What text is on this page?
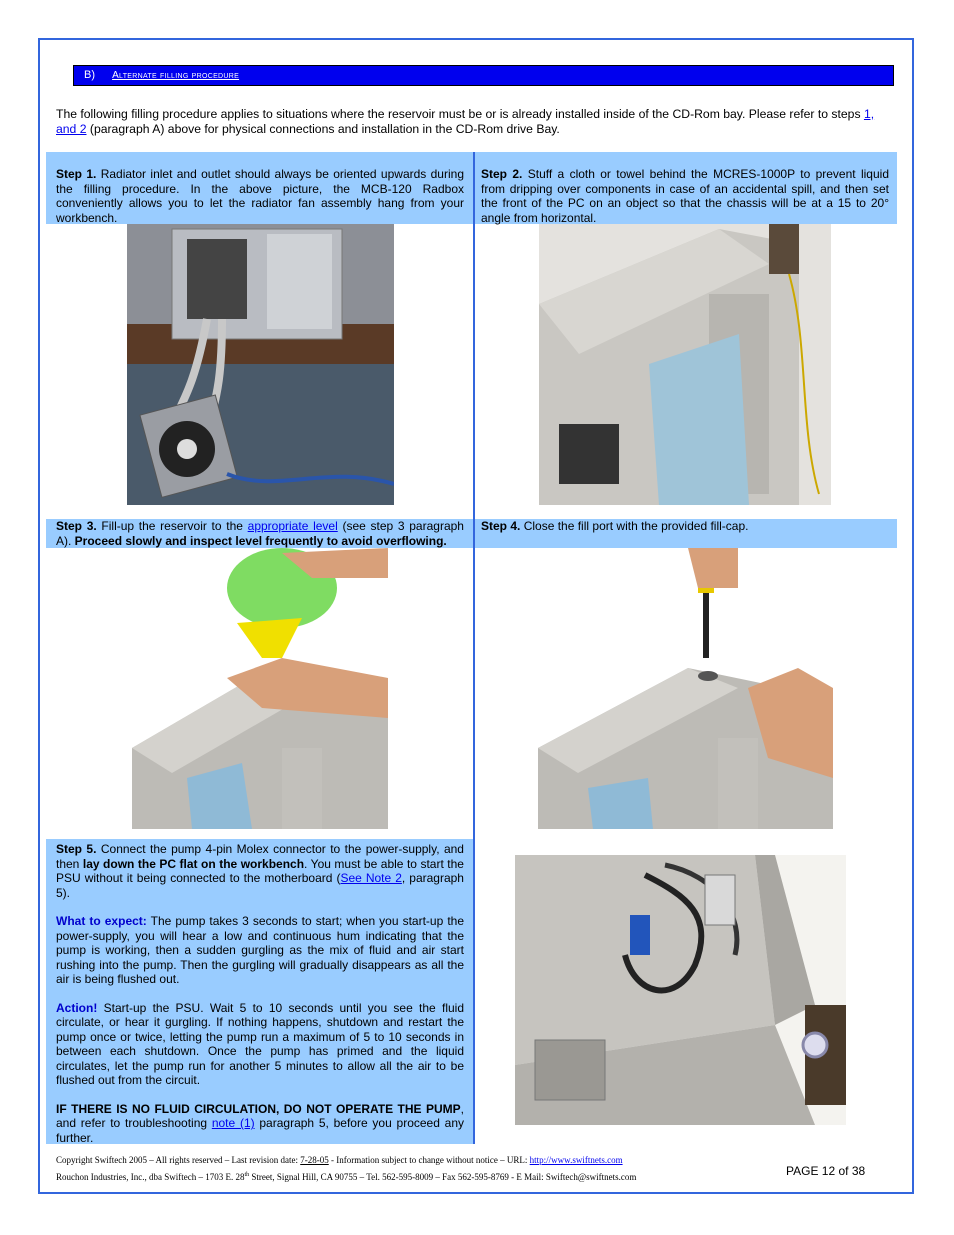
B) Alternate filling procedure
The following filling procedure applies to situations where the reservoir must be or is already installed inside of the CD-Rom bay. Please refer to steps 1, and 2 (paragraph A) above for physical connections and installation in the CD-Rom drive Bay.
Step 1. Radiator inlet and outlet should always be oriented upwards during the filling procedure. In the above picture, the MCB-120 Radbox conveniently allows you to let the radiator fan assembly hang from your workbench.
Step 2. Stuff a cloth or towel behind the MCRES-1000P to prevent liquid from dripping over components in case of an accidental spill, and then set the front of the PC on an object so that the chassis will be at a 15 to 20° angle from horizontal.
Step 3. Fill-up the reservoir to the appropriate level (see step 3 paragraph A). Proceed slowly and inspect level frequently to avoid overflowing.
Step 4. Close the fill port with the provided fill-cap.
Step 5. Connect the pump 4-pin Molex connector to the power-supply, and then lay down the PC flat on the workbench. You must be able to start the PSU without it being connected to the motherboard (See Note 2, paragraph 5).
What to expect: The pump takes 3 seconds to start; when you start-up the power-supply, you will hear a low and continuous hum indicating that the pump is working, then a sudden gurgling as the mix of fluid and air start rushing into the pump. Then the gurgling will gradually disappears as all the air is being flushed out.
Action! Start-up the PSU. Wait 5 to 10 seconds until you see the fluid circulate, or hear it gurgling. If nothing happens, shutdown and restart the pump once or twice, letting the pump run a maximum of 5 to 10 seconds in between each shutdown. Once the pump has primed and the liquid circulates, let the pump run for another 5 minutes to allow all the air to be flushed out from the circuit.
IF THERE IS NO FLUID CIRCULATION, DO NOT OPERATE THE PUMP, and refer to troubleshooting note (1) paragraph 5, before you proceed any further.
Copyright Swiftech 2005 – All rights reserved – Last revision date: 7-28-05 - Information subject to change without notice – URL: http://www.swiftnets.com
Rouchon Industries, Inc., dba Swiftech – 1703 E. 28th Street, Signal Hill, CA 90755 – Tel. 562-595-8009 – Fax 562-595-8769 - E Mail: Swiftech@swiftnets.com	PAGE 12 of 38
